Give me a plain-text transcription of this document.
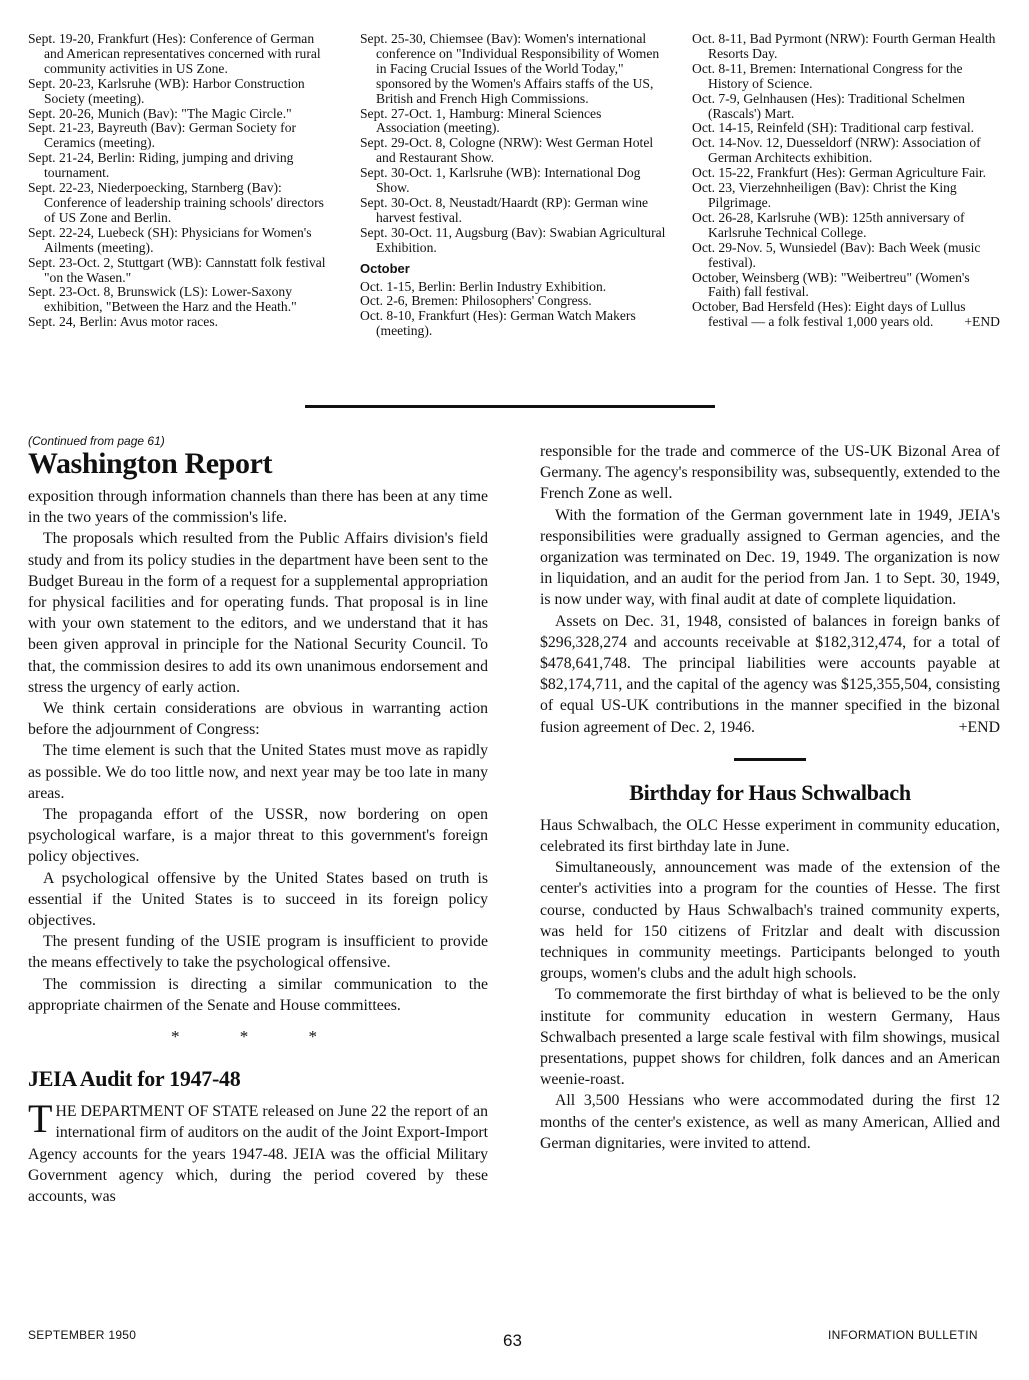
Sept. 19-20, Frankfurt (Hes): Conference of German and American representatives concerned with rural community activities in US Zone.

Sept. 20-23, Karlsruhe (WB): Harbor Construction Society (meeting).

Sept. 20-26, Munich (Bav): "The Magic Circle."

Sept. 21-23, Bayreuth (Bav): German Society for Ceramics (meeting).

Sept. 21-24, Berlin: Riding, jumping and driving tournament.

Sept. 22-23, Niederpoecking, Starnberg (Bav): Conference of leadership training schools' directors of US Zone and Berlin.

Sept. 22-24, Luebeck (SH): Physicians for Women's Ailments (meeting).

Sept. 23-Oct. 2, Stuttgart (WB): Cannstatt folk festival "on the Wasen."

Sept. 23-Oct. 8, Brunswick (LS): Lower-Saxony exhibition, "Between the Harz and the Heath."

Sept. 24, Berlin: Avus motor races.

Sept. 25-30, Chiemsee (Bav): Women's international conference on "Individual Responsibility of Women in Facing Crucial Issues of the World Today," sponsored by the Women's Affairs staffs of the US, British and French High Commissions.

Sept. 27-Oct. 1, Hamburg: Mineral Sciences Association (meeting).

Sept. 29-Oct. 8, Cologne (NRW): West German Hotel and Restaurant Show.

Sept. 30-Oct. 1, Karlsruhe (WB): International Dog Show.

Sept. 30-Oct. 8, Neustadt/Haardt (RP): German wine harvest festival.

Sept. 30-Oct. 11, Augsburg (Bav): Swabian Agricultural Exhibition.

October

Oct. 1-15, Berlin: Berlin Industry Exhibition.

Oct. 2-6, Bremen: Philosophers' Congress.

Oct. 8-10, Frankfurt (Hes): German Watch Makers (meeting).

Oct. 8-11, Bad Pyrmont (NRW): Fourth German Health Resorts Day.

Oct. 8-11, Bremen: International Congress for the History of Science.

Oct. 7-9, Gelnhausen (Hes): Traditional Schelmen (Rascals') Mart.

Oct. 14-15, Reinfeld (SH): Traditional carp festival.

Oct. 14-Nov. 12, Duesseldorf (NRW): Association of German Architects exhibition.

Oct. 15-22, Frankfurt (Hes): German Agriculture Fair.

Oct. 23, Vierzehnheiligen (Bav): Christ the King Pilgrimage.

Oct. 26-28, Karlsruhe (WB): 125th anniversary of Karlsruhe Technical College.

Oct. 29-Nov. 5, Wunsiedel (Bav): Bach Week (music festival).

October, Weinsberg (WB): "Weibertreu" (Women's Faith) fall festival.

October, Bad Hersfeld (Hes): Eight days of Lullus festival — a folk festival 1,000 years old. +END

(Continued from page 61)

Washington Report

exposition through information channels than there has been at any time in the two years of the commission's life.

The proposals which resulted from the Public Affairs division's field study and from its policy studies in the department have been sent to the Budget Bureau in the form of a request for a supplemental appropriation for physical facilities and for operating funds. That proposal is in line with your own statement to the editors, and we understand that it has been given approval in principle for the National Security Council. To that, the commission desires to add its own unanimous endorsement and stress the urgency of early action.

We think certain considerations are obvious in warranting action before the adjournment of Congress:

The time element is such that the United States must move as rapidly as possible. We do too little now, and next year may be too late in many areas.

The propaganda effort of the USSR, now bordering on open psychological warfare, is a major threat to this government's foreign policy objectives.

A psychological offensive by the United States based on truth is essential if the United States is to succeed in its foreign policy objectives.

The present funding of the USIE program is insufficient to provide the means effectively to take the psychological offensive.

The commission is directing a similar communication to the appropriate chairmen of the Senate and House committees.

* * *
JEIA Audit for 1947-48

THE DEPARTMENT OF STATE released on June 22 the report of an international firm of auditors on the audit of the Joint Export-Import Agency accounts for the years 1947-48. JEIA was the official Military Government agency which, during the period covered by these accounts, was

responsible for the trade and commerce of the US-UK Bizonal Area of Germany. The agency's responsibility was, subsequently, extended to the French Zone as well.

With the formation of the German government late in 1949, JEIA's responsibilities were gradually assigned to German agencies, and the organization was terminated on Dec. 19, 1949. The organization is now in liquidation, and an audit for the period from Jan. 1 to Sept. 30, 1949, is now under way, with final audit at date of complete liquidation.

Assets on Dec. 31, 1948, consisted of balances in foreign banks of $296,328,274 and accounts receivable at $182,312,474, for a total of $478,641,748. The principal liabilities were accounts payable at $82,174,711, and the capital of the agency was $125,355,504, consisting of equal US-UK contributions in the manner specified in the bizonal fusion agreement of Dec. 2, 1946.	+END

Birthday for Haus Schwalbach

Haus Schwalbach, the OLC Hesse experiment in community education, celebrated its first birthday late in June.

Simultaneously, announcement was made of the extension of the center's activities into a program for the counties of Hesse. The first course, conducted by Haus Schwalbach's trained community experts, was held for 150 citizens of Fritzlar and dealt with discussion techniques in community meetings. Participants belonged to youth groups, women's clubs and the adult high schools.

To commemorate the first birthday of what is believed to be the only institute for community education in western Germany, Haus Schwalbach presented a large scale festival with film showings, musical presentations, puppet shows for children, folk dances and an American weenie-roast.

All 3,500 Hessians who were accommodated during the first 12 months of the center's existence, as well as many American, Allied and German dignitaries, were invited to attend.

SEPTEMBER 1950	63	INFORMATION BULLETIN
